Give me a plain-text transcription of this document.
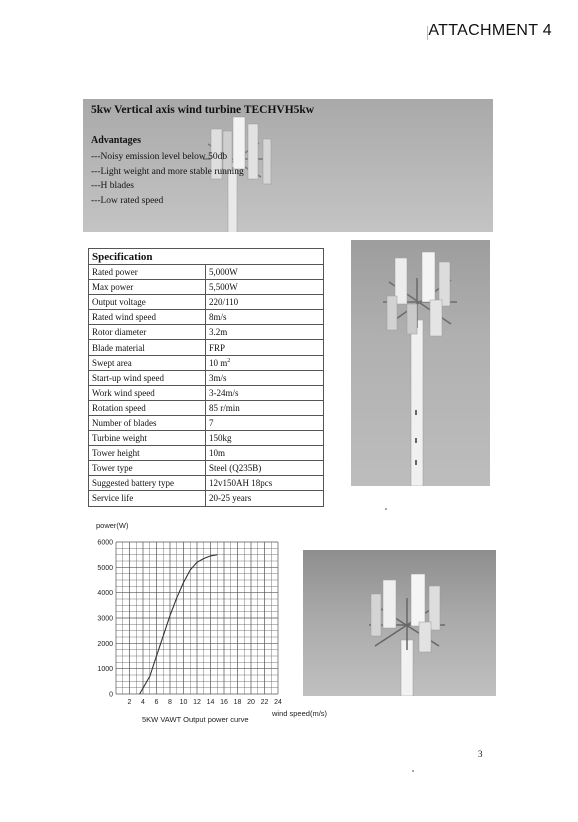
ATTACHMENT 4
5kw Vertical axis wind turbine TECHVH5kw
Advantages
---Noisy emission level below 50db
---Light weight and more stable running
---H blades
---Low rated speed
Specification	
Rated power	5,000W
Max power	5,500W
Output voltage	220/110
Rated wind speed	8m/s
Rotor diameter	3.2m
Blade material	FRP
Swept area	10 $m^2$
Start-up wind speed	3m/s
Work wind speed	3-24m/s
Rotation speed	85 r/min
Number of blades	7
Turbine weight	150kg
Tower height	10m
Tower type	Steel (Q235B)
Suggested battery type	12v150AH 18pcs
Service life	20-25 years
power(W)
0
1000
2000
3000
4000
5000
6000
2 4 6 8 10 12 14 16 18 20 22 24
wind speed(m/s)
5KW VAWT Output power curve
3
